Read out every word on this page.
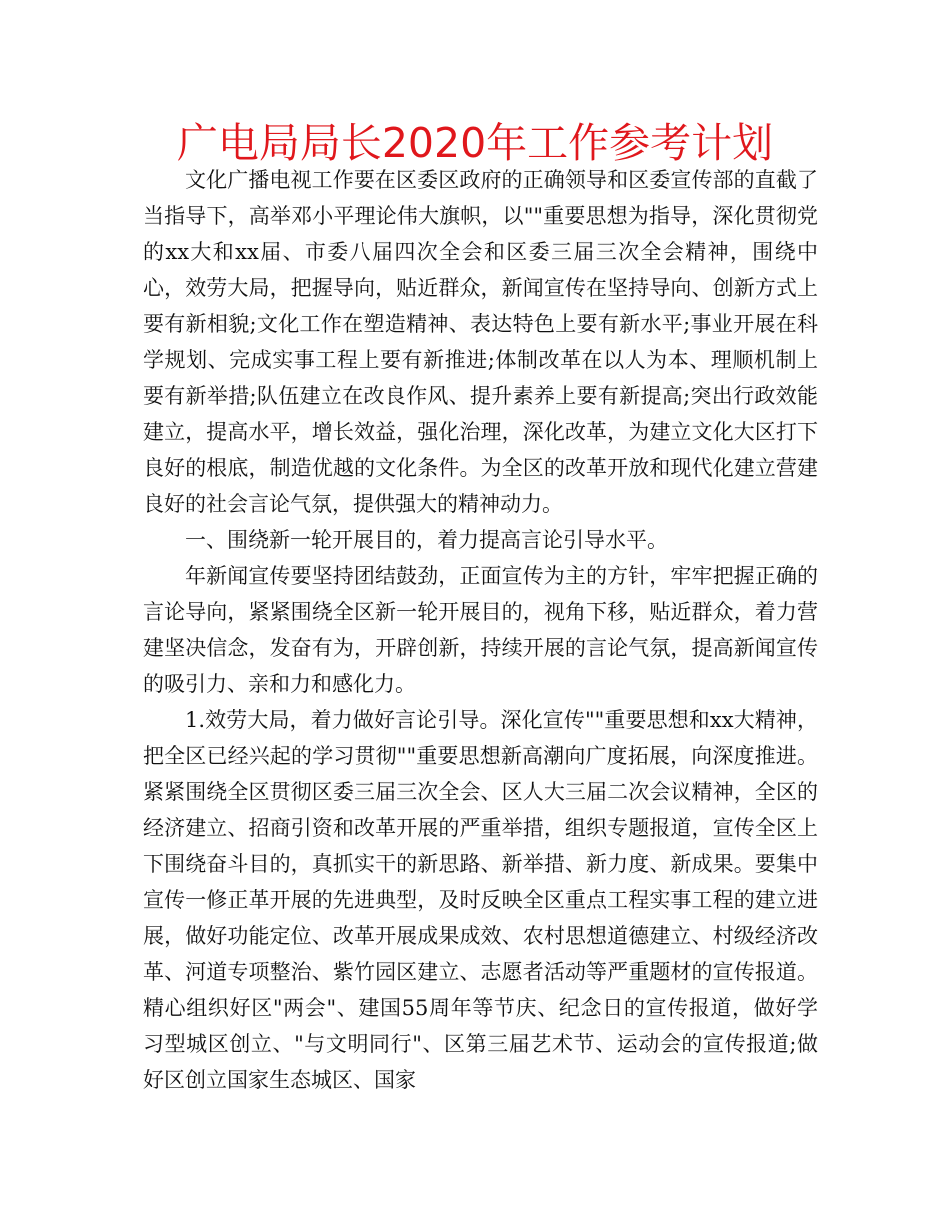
广电局局长2020年工作参考计划

文化广播电视工作要在区委区政府的正确领导和区委宣传部的直截了当指导下，高举邓小平理论伟大旗帜，以""重要思想为指导，深化贯彻党的xx大和xx届、市委八届四次全会和区委三届三次全会精神，围绕中心，效劳大局，把握导向，贴近群众，新闻宣传在坚持导向、创新方式上要有新相貌;文化工作在塑造精神、表达特色上要有新水平;事业开展在科学规划、完成实事工程上要有新推进;体制改革在以人为本、理顺机制上要有新举措;队伍建立在改良作风、提升素养上要有新提高;突出行政效能建立，提高水平，增长效益，强化治理，深化改革，为建立文化大区打下良好的根底，制造优越的文化条件。为全区的改革开放和现代化建立营建良好的社会言论气氛，提供强大的精神动力。

一、围绕新一轮开展目的，着力提高言论引导水平。

年新闻宣传要坚持团结鼓劲，正面宣传为主的方针，牢牢把握正确的言论导向，紧紧围绕全区新一轮开展目的，视角下移，贴近群众，着力营建坚决信念，发奋有为，开辟创新，持续开展的言论气氛，提高新闻宣传的吸引力、亲和力和感化力。

1.效劳大局，着力做好言论引导。深化宣传""重要思想和xx大精神，把全区已经兴起的学习贯彻""重要思想新高潮向广度拓展，向深度推进。紧紧围绕全区贯彻区委三届三次全会、区人大三届二次会议精神，全区的经济建立、招商引资和改革开展的严重举措，组织专题报道，宣传全区上下围绕奋斗目的，真抓实干的新思路、新举措、新力度、新成果。要集中宣传一修正革开展的先进典型，及时反映全区重点工程实事工程的建立进展，做好功能定位、改革开展成果成效、农村思想道德建立、村级经济改革、河道专项整治、紫竹园区建立、志愿者活动等严重题材的宣传报道。精心组织好区"两会"、建国55周年等节庆、纪念日的宣传报道，做好学习型城区创立、"与文明同行"、区第三届艺术节、运动会的宣传报道;做好区创立国家生态城区、国家
